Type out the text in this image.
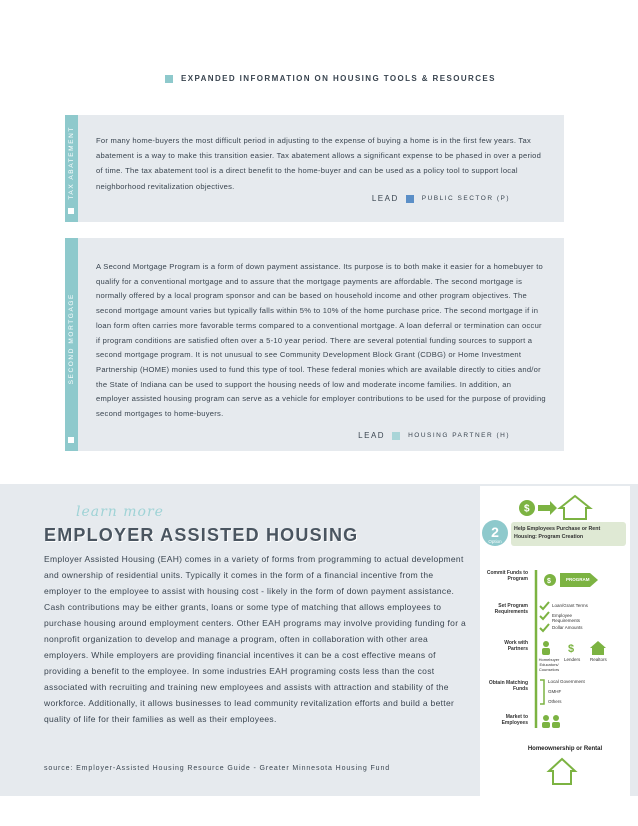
EXPANDED INFORMATION ON HOUSING TOOLS & RESOURCES
TAX ABATEMENT	For many home-buyers the most difficult period in adjusting to the expense of buying a home is in the first few years. Tax abatement is a way to make this transition easier. Tax abatement allows a significant expense to be phased in over a period of time. The tax abatement tool is a direct benefit to the home-buyer and can be used as a policy tool to support local neighborhood revitalization objectives.
LEAD	PUBLIC SECTOR (P)
SECOND MORTGAGE
A Second Mortgage Program is a form of down payment assistance. Its purpose is to both make it easier for a homebuyer to qualify for a conventional mortgage and to assure that the mortgage payments are affordable. The second mortgage is normally offered by a local program sponsor and can be based on household income and other program objectives. The second mortgage amount varies but typically falls within 5% to 10% of the home purchase price. The second mortgage if in loan form often carries more favorable terms compared to a conventional mortgage. A loan deferral or termination can occur if program conditions are satisfied often over a 5-10 year period. There are several potential funding sources to support a second mortgage program. It is not unusual to see Community Development Block Grant (CDBG) or Home Investment Partnership (HOME) monies used to fund this type of tool. These federal monies which are available directly to cities and/or the State of Indiana can be used to support the housing needs of low and moderate income families. In addition, an employer assisted housing program can serve as a vehicle for employer contributions to be used for the purpose of providing second mortgages to home-buyers.
LEAD	HOUSING PARTNER (H)
learn more
EMPLOYER ASSISTED HOUSING
Employer Assisted Housing (EAH) comes in a variety of forms from programming to actual development and ownership of residential units. Typically it comes in the form of a financial incentive from the employer to the employee to assist with housing cost - likely in the form of down payment assistance. Cash contributions may be either grants, loans or some type of matching that allows employees to purchase housing around employment centers. Other EAH programs may involve providing funding for a nonprofit organization to develop and manage a program, often in collaboration with other area employers. While employers are providing financial incentives it can be a cost effective means of providing a benefit to the employee. In some industries EAH programing costs less than the cost associated with recruiting and training new employees and assists with attraction and stability of the workforce. Additionally, it allows businesses to lead community revitalization efforts and build a better quality of life for their families as well as their employees.
source: Employer-Assisted Housing Resource Guide - Greater Minnesota Housing Fund
$
$
$
2
Option
Help Employees Purchase or Rent
Housing: Program Creation
Commit Funds to Program	PROGRAM
Set Program Requirements
Loan/Grant Terms
Employee Requirements
Dollar Amounts
Work with Partners
Homebuyer Educators/ Counselors
Lenders Realtors
Obtain Matching Funds
Local Government
GMHF
Others
Market to Employees
Homeownership or Rental
